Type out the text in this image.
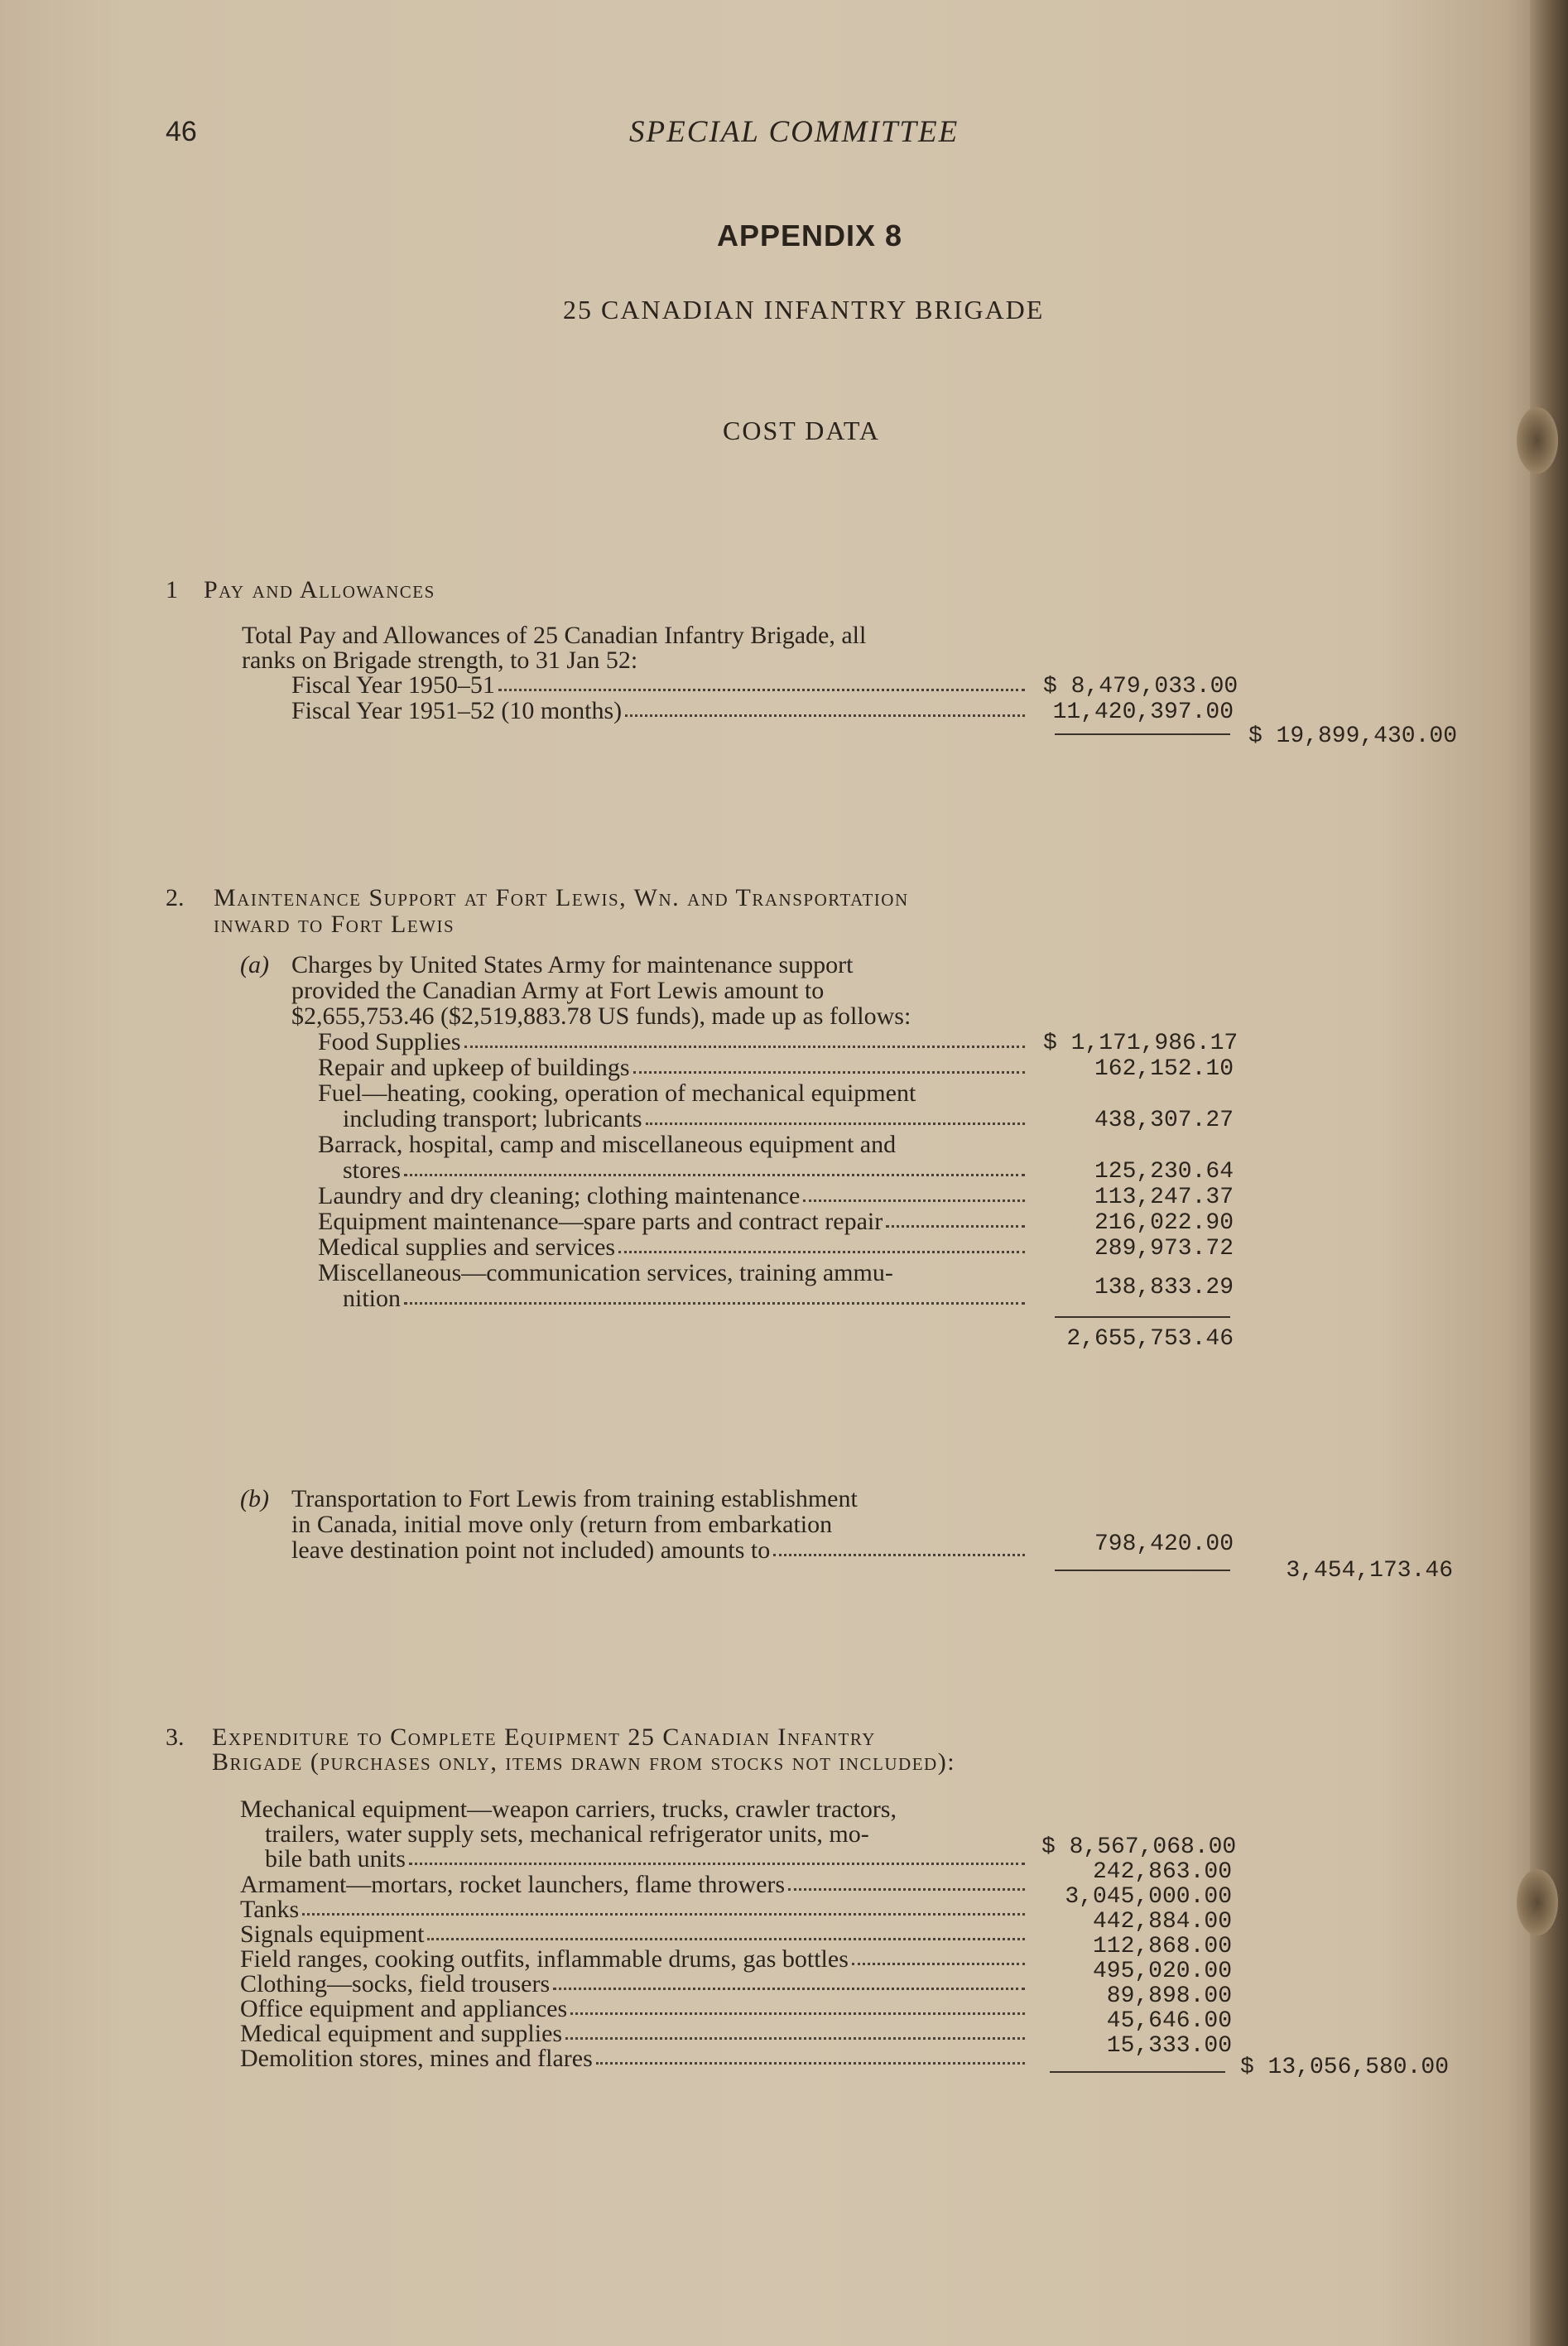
46	SPECIAL COMMITTEE
APPENDIX 8
25 CANADIAN INFANTRY BRIGADE
COST DATA
1 Pay and Allowances
Total Pay and Allowances of 25 Canadian Infantry Brigade, all
ranks on Brigade strength, to 31 Jan 52:
Fiscal Year 1950–51	$ 8,479,033.00
Fiscal Year 1951–52 (10 months)	11,420,397.00
$ 19,899,430.00
2. Maintenance Support at Fort Lewis, Wn. and Transportation
inward to Fort Lewis
(a) Charges by United States Army for maintenance support
provided the Canadian Army at Fort Lewis amount to
$2,655,753.46 ($2,519,883.78 US funds), made up as follows:
Food Supplies	$ 1,171,986.17
Repair and upkeep of buildings	162,152.10
Fuel—heating, cooking, operation of mechanical equipment
including transport; lubricants	438,307.27
Barrack, hospital, camp and miscellaneous equipment and
stores	125,230.64
Laundry and dry cleaning; clothing maintenance	113,247.37
Equipment maintenance—spare parts and contract repair	216,022.90
Medical supplies and services	289,973.72
Miscellaneous—communication services, training ammu-
nition	138,833.29
2,655,753.46
(b) Transportation to Fort Lewis from training establishment
in Canada, initial move only (return from embarkation
leave destination point not included) amounts to	798,420.00
3,454,173.46
3. Expenditure to Complete Equipment 25 Canadian Infantry
Brigade (purchases only, items drawn from stocks not included):
Mechanical equipment—weapon carriers, trucks, crawler tractors,
trailers, water supply sets, mechanical refrigerator units, mo-
bile bath units	$ 8,567,068.00
Armament—mortars, rocket launchers, flame throwers	242,863.00
Tanks	3,045,000.00
Signals equipment	442,884.00
Field ranges, cooking outfits, inflammable drums, gas bottles	112,868.00
Clothing—socks, field trousers	495,020.00
Office equipment and appliances	89,898.00
Medical equipment and supplies	45,646.00
Demolition stores, mines and flares	15,333.00
$ 13,056,580.00
